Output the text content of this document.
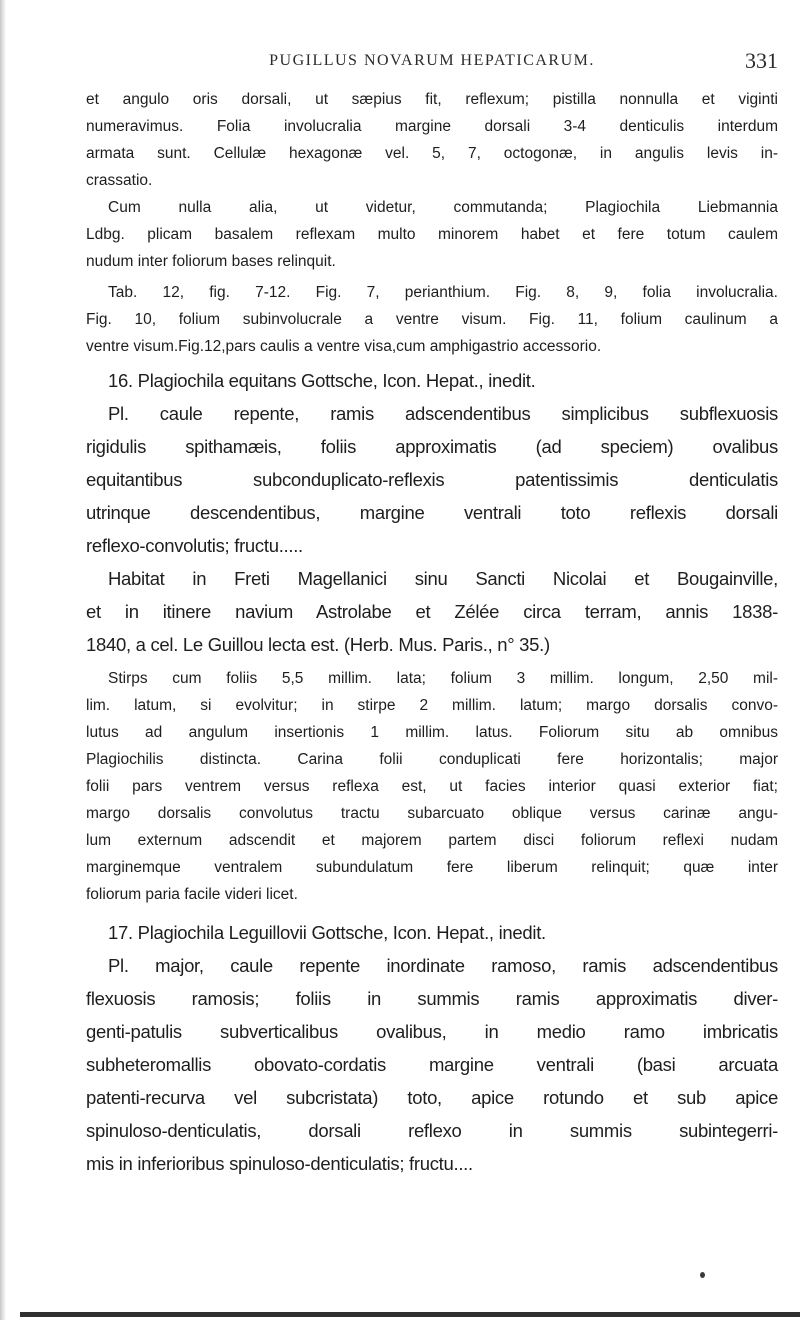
PUGILLUS NOVARUM HEPATICARUM.	331

et angulo oris dorsali, ut sæpius fit, reflexum; pistilla nonnulla et viginti
numeravimus. Folia involucralia margine dorsali 3-4 denticulis interdum
armata sunt. Cellulæ hexagonæ vel. 5, 7, octogonæ, in angulis levis in-
crassatio.

Cum nulla alia, ut videtur, commutanda; Plagiochila Liebmannia
Ldbg. plicam basalem reflexam multo minorem habet et fere totum caulem
nudum inter foliorum bases relinquit.

Tab. 12, fig. 7-12. Fig. 7, perianthium. Fig. 8, 9, folia involucralia.
Fig. 10, folium subinvolucrale a ventre visum. Fig. 11, folium caulinum a
ventre visum.Fig.12,pars caulis a ventre visa,cum amphigastrio accessorio.

16. Plagiochila equitans Gottsche, Icon. Hepat., inedit.

Pl. caule repente, ramis adscendentibus simplicibus subflexuosis
rigidulis spithamæis, foliis approximatis (ad speciem) ovalibus
equitantibus subconduplicato-reflexis patentissimis denticulatis
utrinque descendentibus, margine ventrali toto reflexis dorsali
reflexo-convolutis; fructu.....

Habitat in Freti Magellanici sinu Sancti Nicolai et Bougainville,
et in itinere navium Astrolabe et Zélée circa terram, annis 1838-
1840, a cel. Le Guillou lecta est. (Herb. Mus. Paris., n° 35.)

Stirps cum foliis 5,5 millim. lata; folium 3 millim. longum, 2,50 mil-
lim. latum, si evolvitur; in stirpe 2 millim. latum; margo dorsalis convo-
lutus ad angulum insertionis 1 millim. latus. Foliorum situ ab omnibus
Plagiochilis distincta. Carina folii conduplicati fere horizontalis; major
folii pars ventrem versus reflexa est, ut facies interior quasi exterior fiat;
margo dorsalis convolutus tractu subarcuato oblique versus carinæ angu-
lum externum adscendit et majorem partem disci foliorum reflexi nudam
marginemque ventralem subundulatum fere liberum relinquit; quæ inter
foliorum paria facile videri licet.

17. Plagiochila Leguillovii Gottsche, Icon. Hepat., inedit.

Pl. major, caule repente inordinate ramoso, ramis adscendentibus
flexuosis ramosis; foliis in summis ramis approximatis diver-
genti-patulis subverticalibus ovalibus, in medio ramo imbricatis
subheteromallis obovato-cordatis margine ventrali (basi arcuata
patenti-recurva vel subcristata) toto, apice rotundo et sub apice
spinuloso-denticulatis, dorsali reflexo in summis subintegerri-
mis in inferioribus spinuloso-denticulatis; fructu....
